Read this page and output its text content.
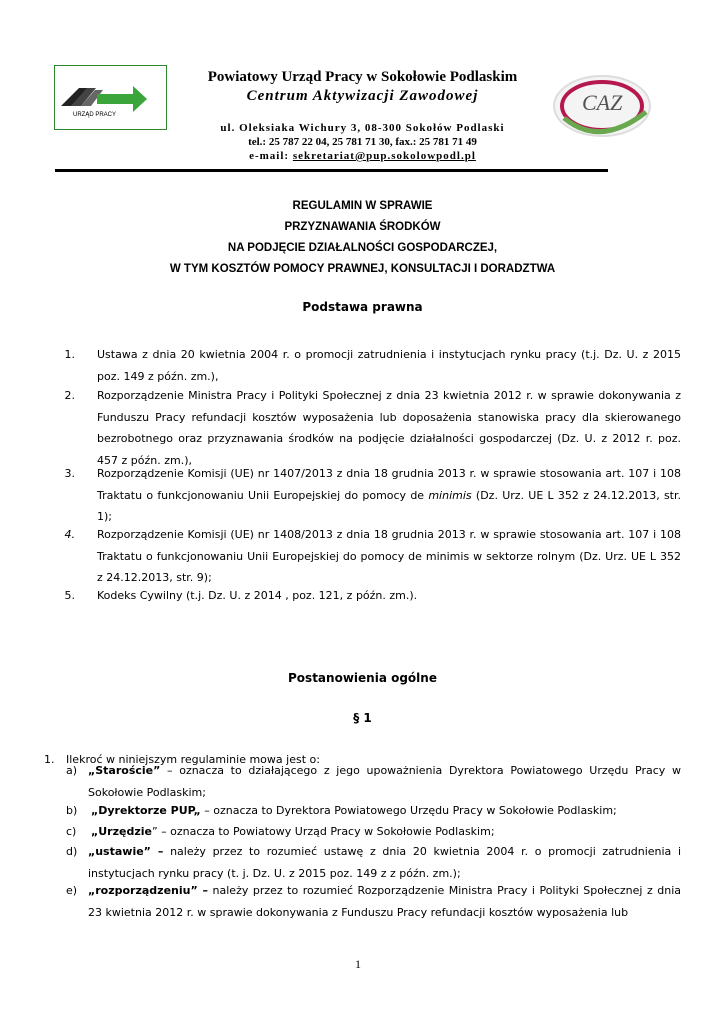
URZĄD PRACY	CAZ
Powiatowy Urząd Pracy w Sokołowie Podlaskim
Centrum Aktywizacji Zawodowej
ul. Oleksiaka Wichury 3, 08-300 Sokołów Podlaski
tel.: 25 787 22 04, 25 781 71 30, fax.: 25 781 71 49
e-mail: sekretariat@pup.sokolowpodl.pl
REGULAMIN W SPRAWIE
PRZYZNAWANIA ŚRODKÓW
NA PODJĘCIE DZIAŁALNOŚCI GOSPODARCZEJ,
W TYM KOSZTÓW POMOCY PRAWNEJ, KONSULTACJI I DORADZTWA
Podstawa prawna
1. Ustawa z dnia 20 kwietnia 2004 r. o promocji zatrudnienia i instytucjach rynku pracy (t.j. Dz. U. z 2015 poz. 149 z późn. zm.),
2. Rozporządzenie Ministra Pracy i Polityki Społecznej z dnia 23 kwietnia 2012 r. w sprawie dokonywania z Funduszu Pracy refundacji kosztów wyposażenia lub doposażenia stanowiska pracy dla skierowanego bezrobotnego oraz przyznawania środków na podjęcie działalności gospodarczej (Dz. U. z 2012 r. poz. 457 z późn. zm.),
3. Rozporządzenie Komisji (UE) nr 1407/2013 z dnia 18 grudnia 2013 r. w sprawie stosowania art. 107 i 108 Traktatu o funkcjonowaniu Unii Europejskiej do pomocy de minimis (Dz. Urz. UE L 352 z 24.12.2013, str. 1);
4. Rozporządzenie Komisji (UE) nr 1408/2013 z dnia 18 grudnia 2013 r. w sprawie stosowania art. 107 i 108 Traktatu o funkcjonowaniu Unii Europejskiej do pomocy de minimis w sektorze rolnym (Dz. Urz. UE L 352 z 24.12.2013, str. 9);
5. Kodeks Cywilny (t.j. Dz. U. z 2014 , poz. 121, z późn. zm.).
Postanowienia ogólne
§ 1
1. Ilekroć w niniejszym regulaminie mowa jest o:
a) „Staroście” – oznacza to działającego z jego upoważnienia Dyrektora Powiatowego Urzędu Pracy w Sokołowie Podlaskim;
b) „Dyrektorze PUP„ – oznacza to Dyrektora Powiatowego Urzędu Pracy w Sokołowie Podlaskim;
c) „Urzędzie” – oznacza to Powiatowy Urząd Pracy w Sokołowie Podlaskim;
d) „ustawie” – należy przez to rozumieć ustawę z dnia 20 kwietnia 2004 r. o promocji zatrudnienia i instytucjach rynku pracy (t. j. Dz. U. z 2015 poz. 149 z z późn. zm.);
e) „rozporządzeniu” – należy przez to rozumieć Rozporządzenie Ministra Pracy i Polityki Społecznej z dnia 23 kwietnia 2012 r. w sprawie dokonywania z Funduszu Pracy refundacji kosztów wyposażenia lub
1
